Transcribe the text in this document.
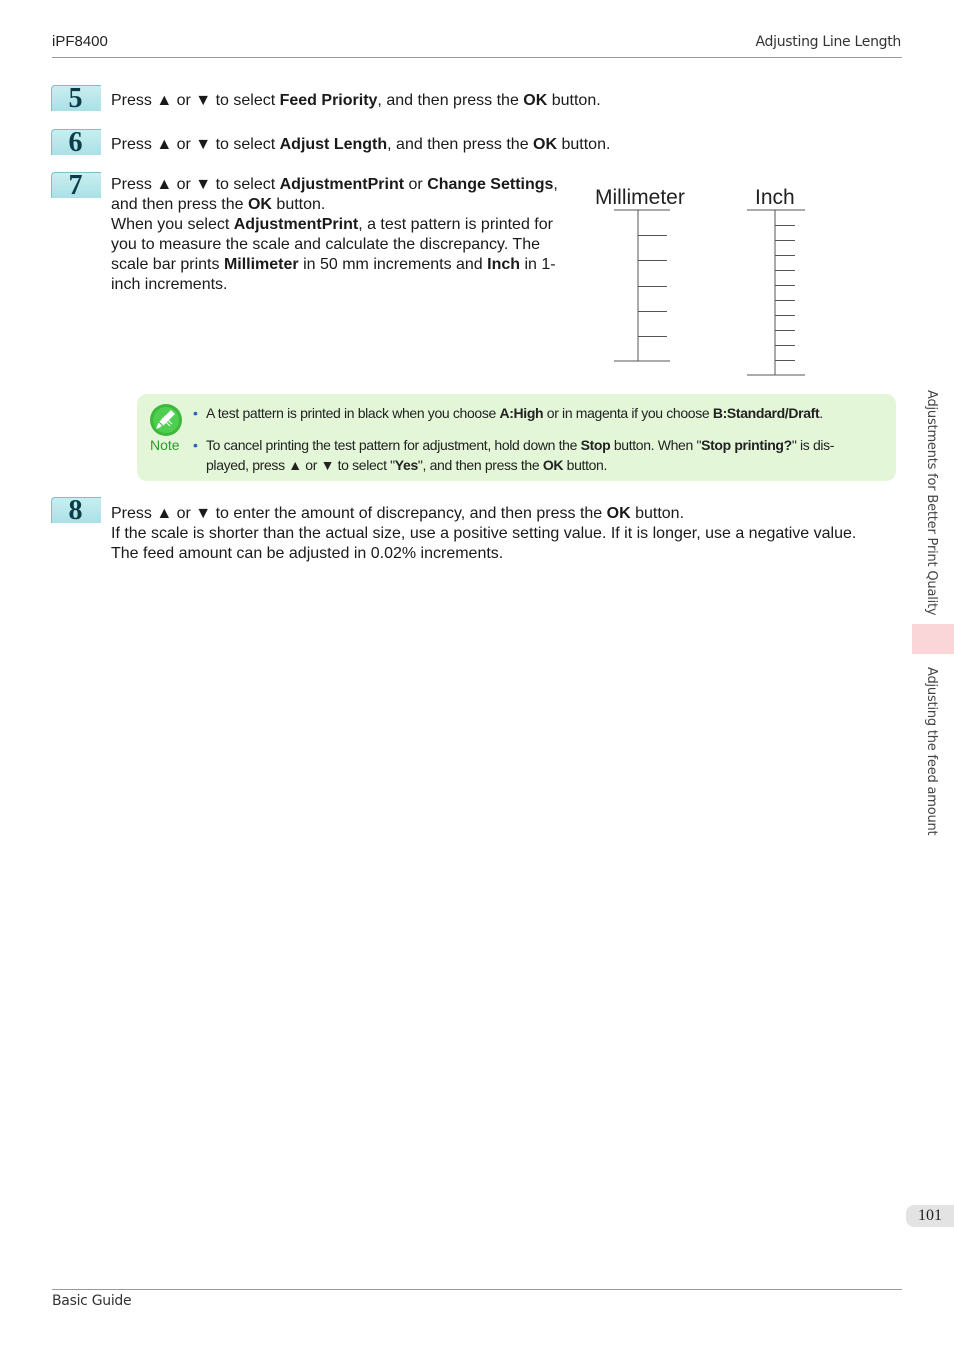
iPF8400	Adjusting Line Length
5	Press ▲ or ▼ to select Feed Priority, and then press the OK button.
6	Press ▲ or ▼ to select Adjust Length, and then press the OK button.
7	Press ▲ or ▼ to select AdjustmentPrint or Change Settings,
and then press the OK button.
When you select AdjustmentPrint, a test pattern is printed for
you to measure the scale and calculate the discrepancy. The
scale bar prints Millimeter in 50 mm increments and Inch in 1-
inch increments.
Millimeter	Inch
Note
• A test pattern is printed in black when you choose A:High or in magenta if you choose B:Standard/Draft.
• To cancel printing the test pattern for adjustment, hold down the Stop button. When "Stop printing?" is dis-
played, press ▲ or ▼ to select "Yes", and then press the OK button.
8	Press ▲ or ▼ to enter the amount of discrepancy, and then press the OK button.
If the scale is shorter than the actual size, use a positive setting value. If it is longer, use a negative value.
The feed amount can be adjusted in 0.02% increments.	Adjustments for Better Print Quality
Adjusting the feed amount
101
Basic Guide
